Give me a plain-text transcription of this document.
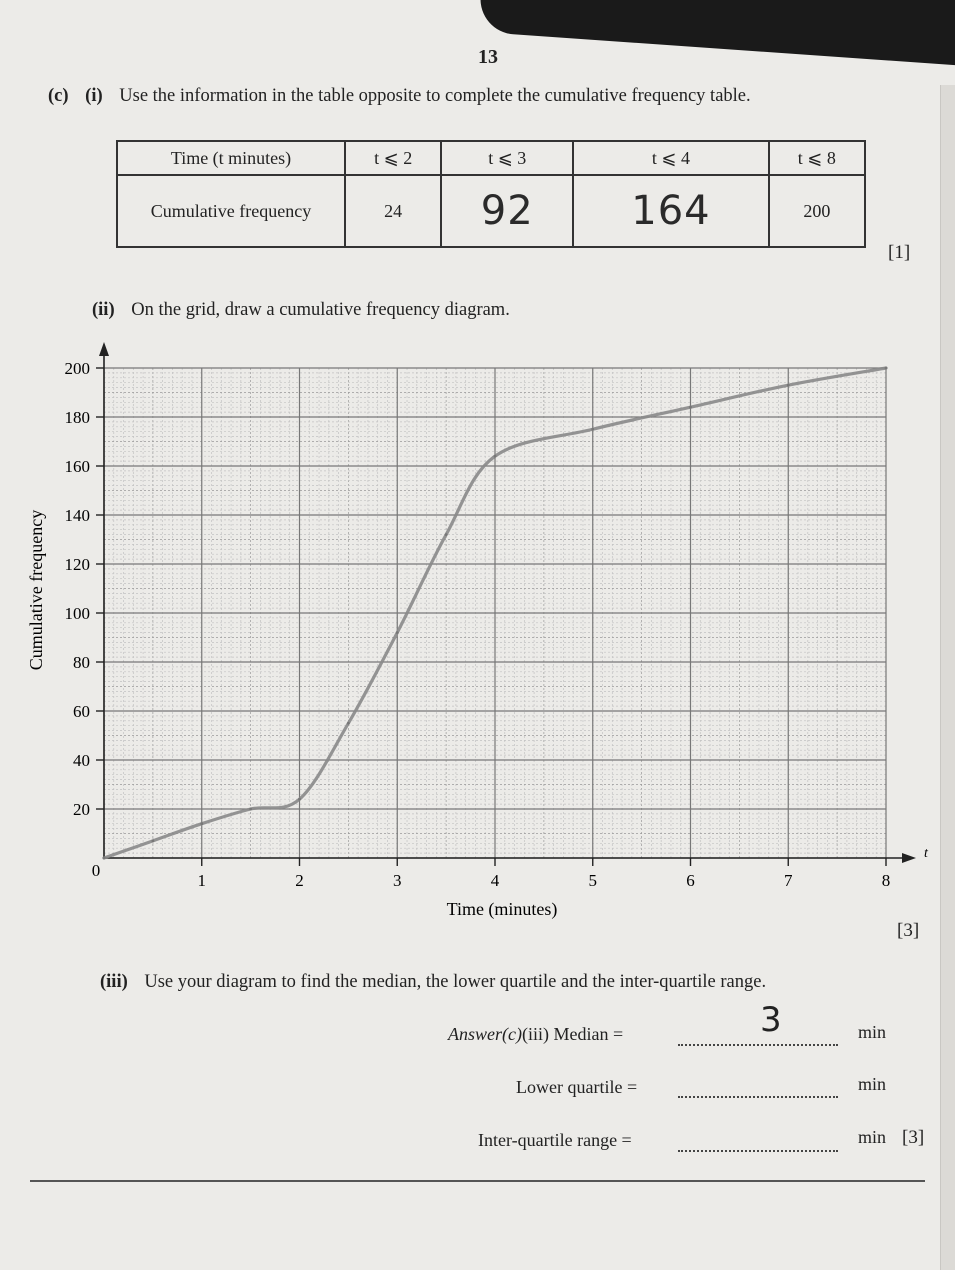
13
(c) (i) Use the information in the table opposite to complete the cumulative frequency table.
Time (t minutes)	t ⩽ 2	t ⩽ 3	t ⩽ 4	t ⩽ 8
Cumulative frequency	24	92	164	200
[1]
(ii) On the grid, draw a cumulative frequency diagram.
0
1	2	3	4	5	6	7	8
20
40
60
80
100
120
140
160
180
200
Time (minutes)
Cumulative frequency
t
[3]
(iii) Use your diagram to find the median, the lower quartile and the inter-quartile range.
Answer(c)(iii) Median =	3	min
Lower quartile =	min
Inter-quartile range =	min [3]
